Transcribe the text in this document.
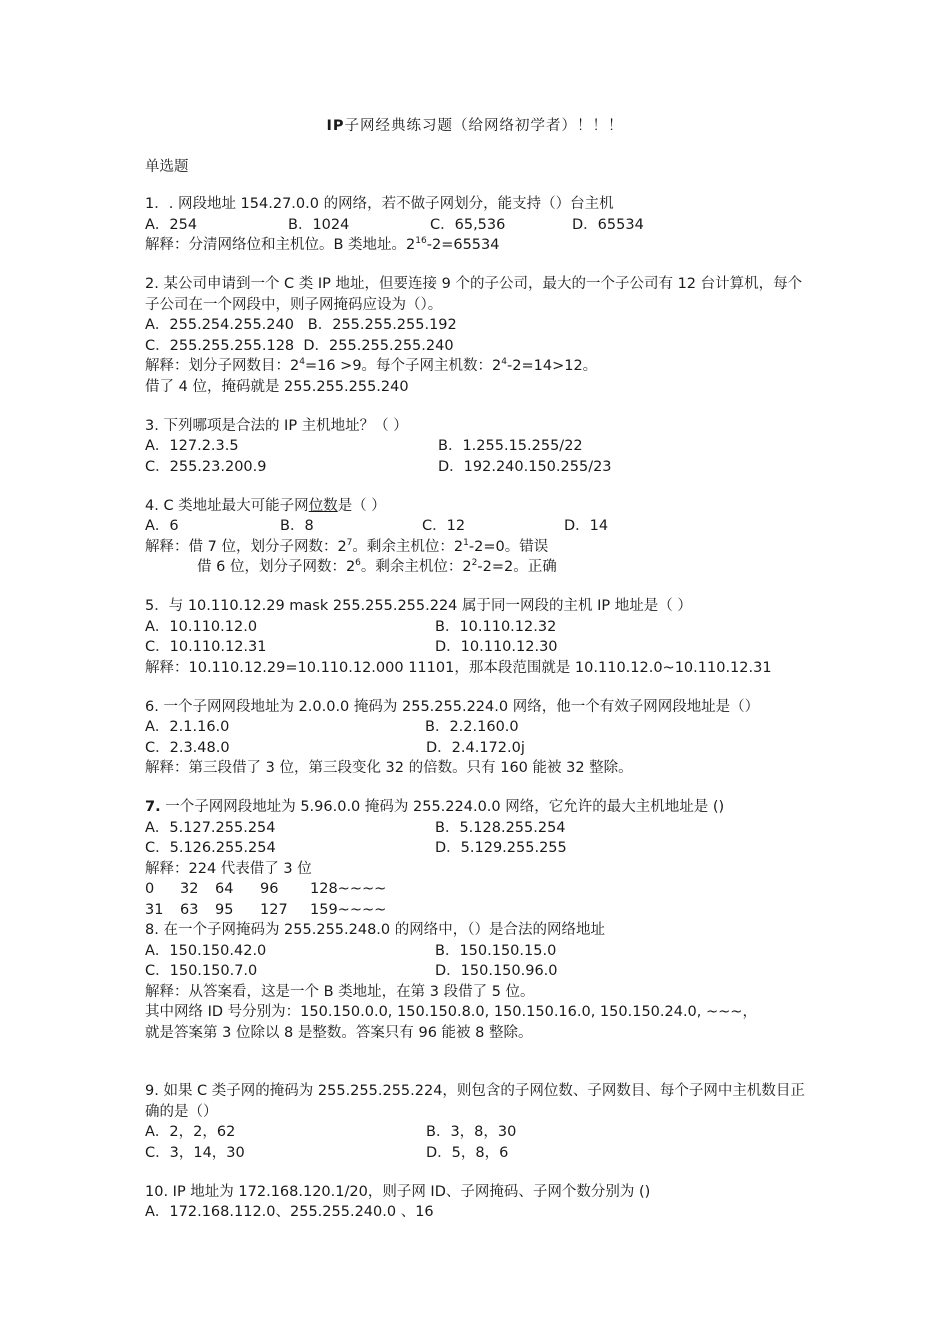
IP子网经典练习题（给网络初学者）！！！
单选题
1．. 网段地址 154.27.0.0 的网络，若不做子网划分，能支持（）台主机
A．254	B．1024	C．65,536	D．65534
解释：分清网络位和主机位。B 类地址。$2^{16}-2=65534$
2. 某公司申请到一个 C 类 IP 地址，但要连接 9 个的子公司，最大的一个子公司有 12 台计算机，每个子公司在一个网段中，则子网掩码应设为（）。
A．255.254.255.240 B．255.255.255.192
C．255.255.255.128 D．255.255.255.240
解释：划分子网数目：$2^4=16 >9$。每个子网主机数：$2^4-2=14>12$。
借了 4 位，掩码就是 255.255.255.240
3. 下列哪项是合法的 IP 主机地址？（ ）
A．127.2.3.5	B．1.255.15.255/22
C．255.23.200.9	D．192.240.150.255/23
4. C 类地址最大可能子网位数是（ ）
A．6	B．8	C．12	D．14
解释：借 7 位，划分子网数：$2^7$。剩余主机位：$2^1-2=0$。错误
借 6 位，划分子网数：$2^6$。剩余主机位：$2^2-2=2$。正确
5．与 10.110.12.29 mask 255.255.255.224 属于同一网段的主机 IP 地址是（ ）
A．10.110.12.0	B．10.110.12.32
C．10.110.12.31	D．10.110.12.30
解释：10.110.12.29=10.110.12.000 11101，那本段范围就是 10.110.12.0~10.110.12.31
6. 一个子网网段地址为 2.0.0.0 掩码为 255.255.224.0 网络，他一个有效子网网段地址是（）
A．2.1.16.0	B．2.2.160.0
C．2.3.48.0	D．2.4.172.0j
解释：第三段借了 3 位，第三段变化 32 的倍数。只有 160 能被 32 整除。
7. 一个子网网段地址为 5.96.0.0 掩码为 255.224.0.0 网络，它允许的最大主机地址是 ()
A．5.127.255.254	B．5.128.255.254
C．5.126.255.254	D．5.129.255.255
解释：224 代表借了 3 位
0 32 64 96 128~~~~
31 63 95 127 159~~~~
8. 在一个子网掩码为 255.255.248.0 的网络中，（）是合法的网络地址
A．150.150.42.0	B．150.150.15.0
C．150.150.7.0	D．150.150.96.0
解释：从答案看，这是一个 B 类地址，在第 3 段借了 5 位。
其中网络 ID 号分别为：150.150.0.0, 150.150.8.0, 150.150.16.0, 150.150.24.0, ~~~，
就是答案第 3 位除以 8 是整数。答案只有 96 能被 8 整除。
9. 如果 C 类子网的掩码为 255.255.255.224，则包含的子网位数、子网数目、每个子网中主机数目正确的是（）
A．2，2，62	B．3，8，30
C．3，14，30	D．5，8，6
10. IP 地址为 172.168.120.1/20，则子网 ID、子网掩码、子网个数分别为 ()
A．172.168.112.0、255.255.240.0 、16
